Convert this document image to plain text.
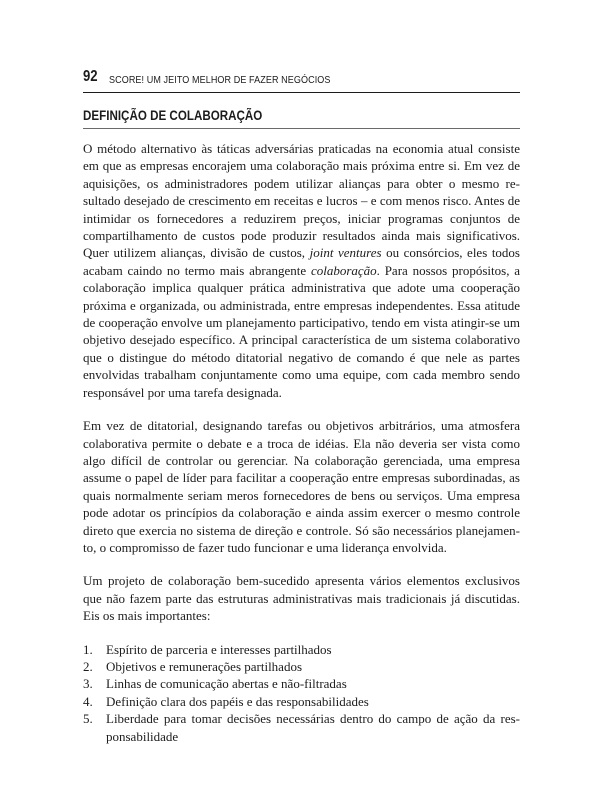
92 SCORE! UM JEITO MELHOR DE FAZER NEGÓCIOS
DEFINIÇÃO DE COLABORAÇÃO

O método alternativo às táticas adversárias praticadas na economia atual consiste em que as empresas encorajem uma colaboração mais próxima entre si. Em vez de aquisições, os administradores podem utilizar alianças para obter o mesmo resultado desejado de crescimento em receitas e lucros – e com menos risco. Antes de intimidar os fornecedores a reduzirem preços, iniciar programas conjuntos de compartilhamento de custos pode produzir resultados ainda mais significativos. Quer utilizem alianças, divisão de custos, joint ventures ou consórcios, eles todos acabam caindo no termo mais abrangente colaboração. Para nossos propósitos, a colaboração implica qualquer prática administrativa que adote uma cooperação próxima e organizada, ou administrada, entre empresas independentes. Essa atitude de cooperação envolve um planejamento participativo, tendo em vista atingir-se um objetivo desejado específico. A principal característica de um sistema colaborativo que o distingue do método ditatorial negativo de comando é que nele as partes envolvidas trabalham conjuntamente como uma equipe, com cada membro sendo responsável por uma tarefa designada.

Em vez de ditatorial, designando tarefas ou objetivos arbitrários, uma atmosfera colaborativa permite o debate e a troca de idéias. Ela não deveria ser vista como algo difícil de controlar ou gerenciar. Na colaboração gerenciada, uma empresa assume o papel de líder para facilitar a cooperação entre empresas subordinadas, as quais normalmente seriam meros fornecedores de bens ou serviços. Uma empresa pode adotar os princípios da colaboração e ainda assim exercer o mesmo controle direto que exercia no sistema de direção e controle. Só são necessários planejamento, o compromisso de fazer tudo funcionar e uma liderança envolvida.

Um projeto de colaboração bem-sucedido apresenta vários elementos exclusivos que não fazem parte das estruturas administrativas mais tradicionais já discutidas. Eis os mais importantes:

1. Espírito de parceria e interesses partilhados
2. Objetivos e remunerações partilhados
3. Linhas de comunicação abertas e não-filtradas
4. Definição clara dos papéis e das responsabilidades
5. Liberdade para tomar decisões necessárias dentro do campo de ação da responsabilidade
